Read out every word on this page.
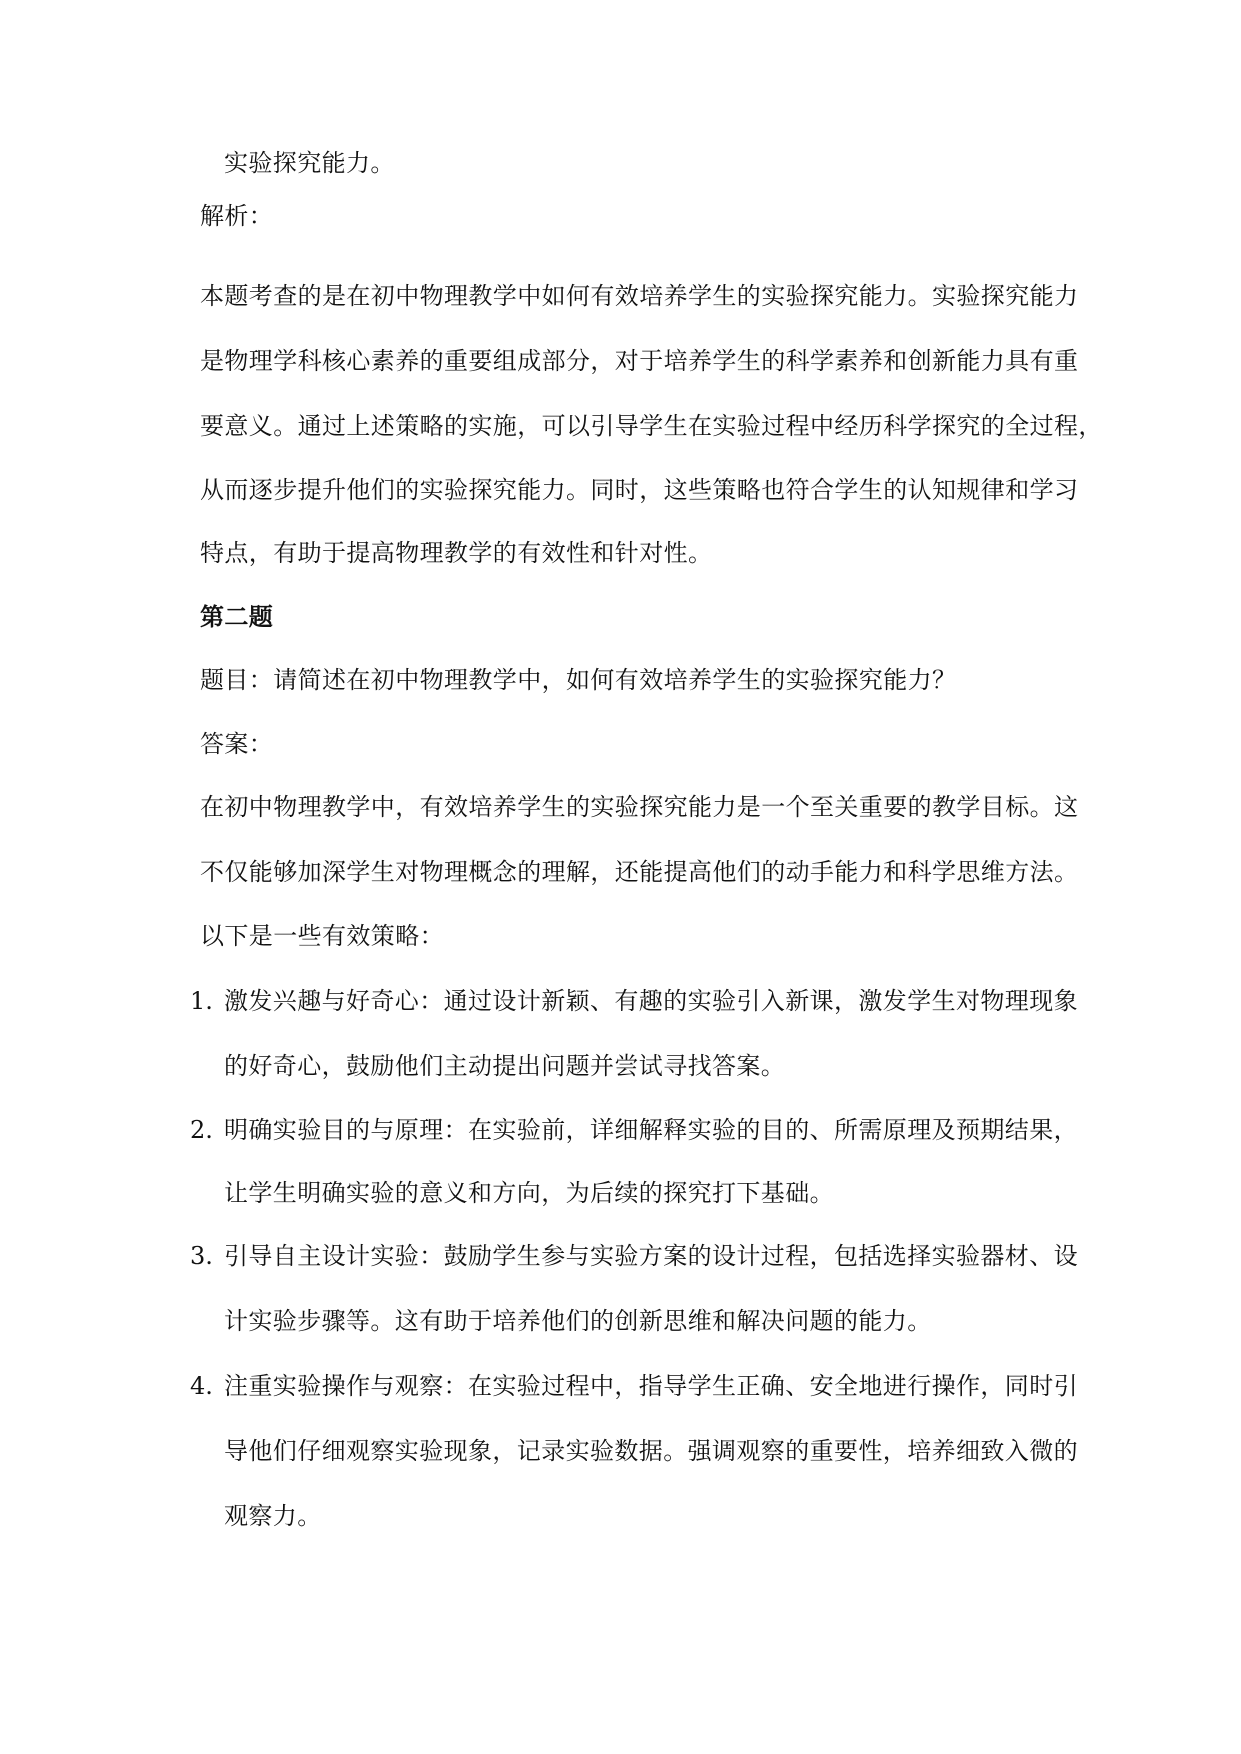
实验探究能力。
解析：
本题考查的是在初中物理教学中如何有效培养学生的实验探究能力。实验探究能力
是物理学科核心素养的重要组成部分，对于培养学生的科学素养和创新能力具有重
要意义。通过上述策略的实施，可以引导学生在实验过程中经历科学探究的全过程，
从而逐步提升他们的实验探究能力。同时，这些策略也符合学生的认知规律和学习
特点，有助于提高物理教学的有效性和针对性。
第二题
题目：请简述在初中物理教学中，如何有效培养学生的实验探究能力？
答案：
在初中物理教学中，有效培养学生的实验探究能力是一个至关重要的教学目标。这
不仅能够加深学生对物理概念的理解，还能提高他们的动手能力和科学思维方法。
以下是一些有效策略：
1. 激发兴趣与好奇心：通过设计新颖、有趣的实验引入新课，激发学生对物理现象
的好奇心，鼓励他们主动提出问题并尝试寻找答案。
2. 明确实验目的与原理：在实验前，详细解释实验的目的、所需原理及预期结果，
让学生明确实验的意义和方向，为后续的探究打下基础。
3. 引导自主设计实验：鼓励学生参与实验方案的设计过程，包括选择实验器材、设
计实验步骤等。这有助于培养他们的创新思维和解决问题的能力。
4. 注重实验操作与观察：在实验过程中，指导学生正确、安全地进行操作，同时引
导他们仔细观察实验现象，记录实验数据。强调观察的重要性，培养细致入微的
观察力。
